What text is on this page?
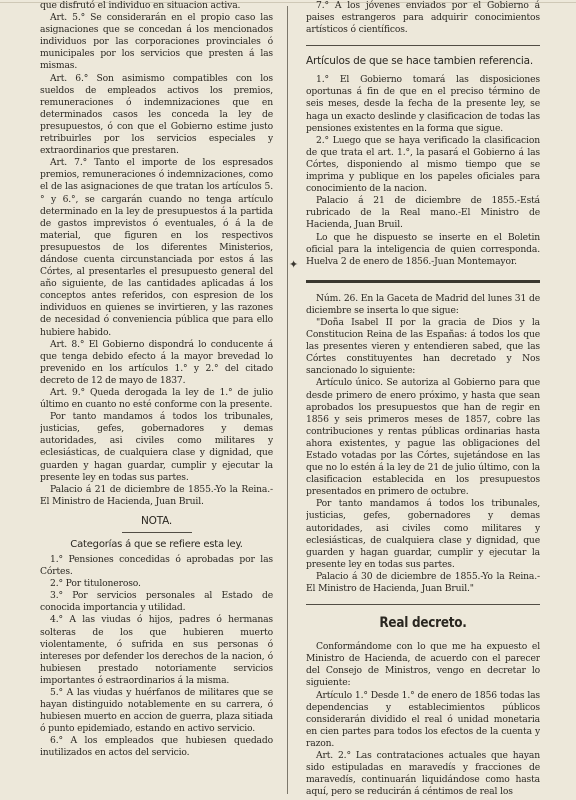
✦

que disfrutó el individuo en situacion activa.

Art. 5.° Se considerarán en el propio caso las asignaciones que se concedan á los mencionados individuos por las corporaciones provinciales ó municipales por los servicios que presten á las mismas.

Art. 6.° Son asimismo compatibles con los sueldos de empleados activos los premios, remuneraciones ó indemnizaciones que en determinados casos les conceda la ley de presupuestos, ó con que el Gobierno estime justo retribuirles por los servicios especiales y extraordinarios que prestaren.

Art. 7.° Tanto el importe de los espresados premios, remuneraciones ó indemnizaciones, como el de las asignaciones de que tratan los artículos 5.° y 6.°, se cargarán cuando no tenga artículo determinado en la ley de presupuestos á la partida de gastos imprevistos ó eventuales, ó á la de material, que figuren en los respectivos presupuestos de los diferentes Ministerios, dándose cuenta circunstanciada por estos á las Córtes, al presentarles el presupuesto general del año siguiente, de las cantidades aplicadas á los conceptos antes referidos, con espresion de los individuos en quienes se invirtieren, y las razones de necesidad ó conveniencia pública que para ello hubiere habido.

Art. 8.° El Gobierno dispondrá lo conducente á que tenga debido efecto á la mayor brevedad lo prevenido en los artículos 1.° y 2.° del citado decreto de 12 de mayo de 1837.

Art. 9.° Queda derogada la ley de 1.° de julio último en cuanto no esté conforme con la presente.

Por tanto mandamos á todos los tribunales, justicias, gefes, gobernadores y demas autoridades, asi civiles como militares y eclesiásticas, de cualquiera clase y dignidad, que guarden y hagan guardar, cumplir y ejecutar la presente ley en todas sus partes.

Palacio á 21 de diciembre de 1855.-Yo la Reina.-El Ministro de Hacienda, Juan Bruil.

NOTA.

Categorías á que se refiere esta ley.

1.° Pensiones concedidas ó aprobadas por las Córtes.

2.° Por tituloneroso.

3.° Por servicios personales al Estado de conocida importancia y utilidad.

4.° A las viudas ó hijos, padres ó hermanas solteras de los que hubieren muerto violentamente, ó sufrida en sus personas ó intereses por defender los derechos de la nacion, ó hubiesen prestado notoriamente servicios importantes ó estraordinarios á la misma.

5.° A las viudas y huérfanos de militares que se hayan distinguido notablemente en su carrera, ó hubiesen muerto en accion de guerra, plaza sitiada ó punto epidemiado, estando en activo servicio.

6.° A los empleados que hubiesen quedado inutilizados en actos del servicio.

7.° A los jóvenes enviados por el Gobierno á paises estrangeros para adquirir conocimientos artísticos ó científicos.

Artículos de que se hace tambien referencia.

1.° El Gobierno tomará las disposiciones oportunas á fin de que en el preciso término de seis meses, desde la fecha de la presente ley, se haga un exacto deslinde y clasificacion de todas las pensiones existentes en la forma que sigue.

2.° Luego que se haya verificado la clasificacion de que trata el art. 1.°, la pasará el Gobierno á las Córtes, disponiendo al mismo tiempo que se imprima y publique en los papeles oficiales para conocimiento de la nacion.

Palacio á 21 de diciembre de 1855.-Está rubricado de la Real mano.-El Ministro de Hacienda, Juan Bruil.

Lo que he dispuesto se inserte en el Boletin oficial para la inteligencia de quien corresponda. Huelva 2 de enero de 1856.-Juan Montemayor.

Núm. 26. En la Gaceta de Madrid del lunes 31 de diciembre se inserta lo que sigue:

"Doña Isabel II por la gracia de Dios y la Constitucion Reina de las Españas: á todos los que las presentes vieren y entendieren sabed, que las Córtes constituyentes han decretado y Nos sancionado lo siguiente:

Artículo único. Se autoriza al Gobierno para que desde primero de enero próximo, y hasta que sean aprobados los presupuestos que han de regir en 1856 y seis primeros meses de 1857, cobre las contribuciones y rentas públicas ordinarias hasta ahora existentes, y pague las obligaciones del Estado votadas por las Córtes, sujetándose en las que no lo estén á la ley de 21 de julio último, con la clasificacion establecida en los presupuestos presentados en primero de octubre.

Por tanto mandamos á todos los tribunales, justicias, gefes, gobernadores y demas autoridades, asi civiles como militares y eclesiásticas, de cualquiera clase y dignidad, que guarden y hagan guardar, cumplir y ejecutar la presente ley en todas sus partes.

Palacio á 30 de diciembre de 1855.-Yo la Reina.-El Ministro de Hacienda, Juan Bruil."

Real decreto.

Conformándome con lo que me ha expuesto el Ministro de Hacienda, de acuerdo con el parecer del Consejo de Ministros, vengo en decretar lo siguiente:

Artículo 1.° Desde 1.° de enero de 1856 todas las dependencias y establecimientos públicos considerarán dividido el real ó unidad monetaria en cien partes para todos los efectos de la cuenta y razon.

Art. 2.° Las contrataciones actuales que hayan sido estipuladas en maravedís y fracciones de maravedís, continuarán liquidándose como hasta aquí, pero se reducirán á céntimos de real los
